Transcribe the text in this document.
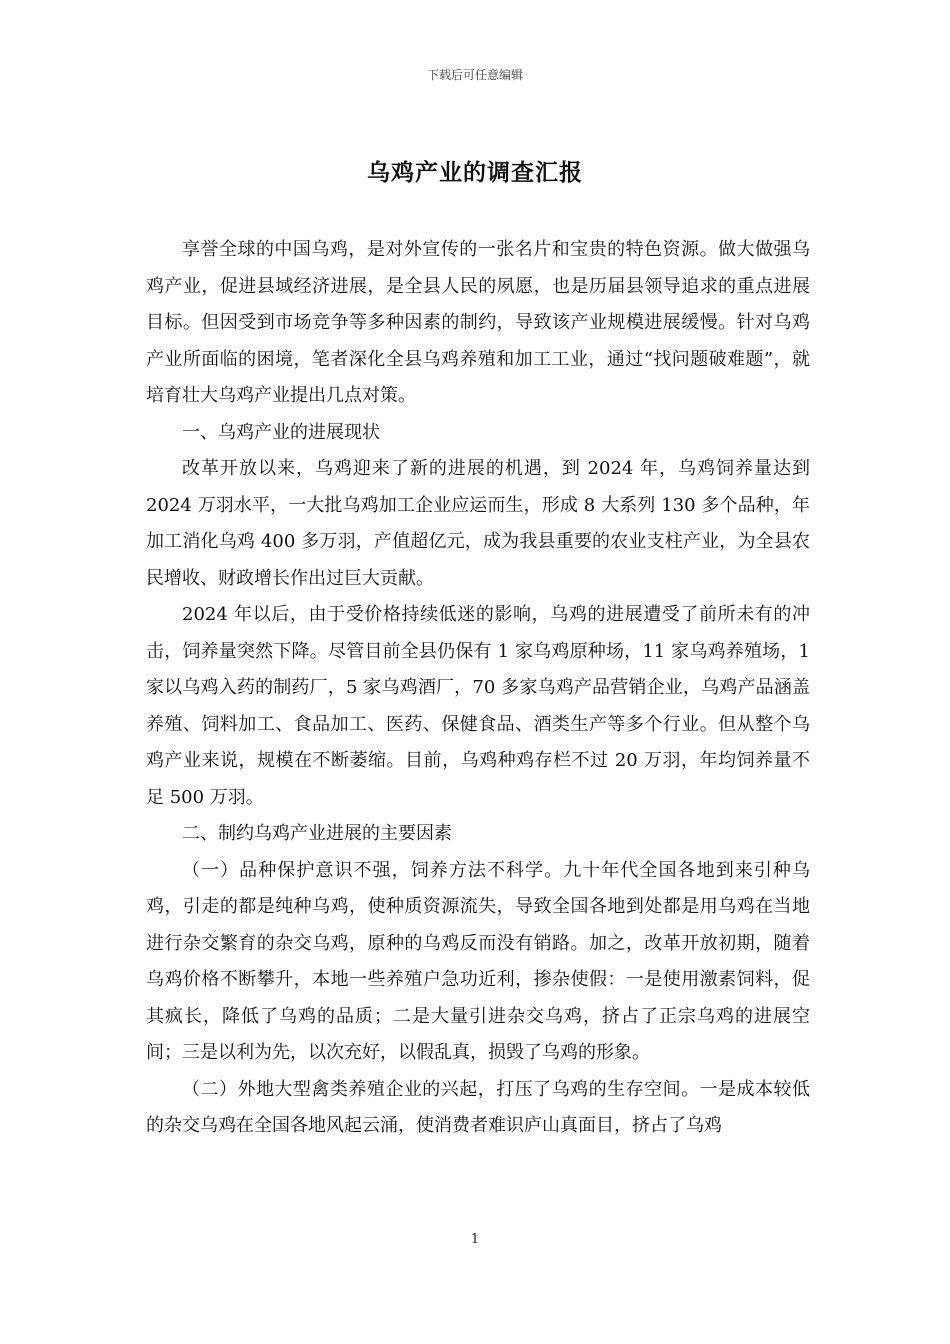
下载后可任意编辑
乌鸡产业的调查汇报

享誉全球的中国乌鸡，是对外宣传的一张名片和宝贵的特色资源。做大做强乌鸡产业，促进县域经济进展，是全县人民的夙愿，也是历届县领导追求的重点进展目标。但因受到市场竞争等多种因素的制约，导致该产业规模进展缓慢。针对乌鸡产业所面临的困境，笔者深化全县乌鸡养殖和加工工业，通过“找问题破难题”，就培育壮大乌鸡产业提出几点对策。

一、乌鸡产业的进展现状

改革开放以来，乌鸡迎来了新的进展的机遇，到 2024 年，乌鸡饲养量达到 2024 万羽水平，一大批乌鸡加工企业应运而生，形成 8 大系列 130 多个品种，年加工消化乌鸡 400 多万羽，产值超亿元，成为我县重要的农业支柱产业，为全县农民增收、财政增长作出过巨大贡献。

2024 年以后，由于受价格持续低迷的影响，乌鸡的进展遭受了前所未有的冲击，饲养量突然下降。尽管目前全县仍保有 1 家乌鸡原种场，11 家乌鸡养殖场，1 家以乌鸡入药的制药厂，5 家乌鸡酒厂，70 多家乌鸡产品营销企业，乌鸡产品涵盖养殖、饲料加工、食品加工、医药、保健食品、酒类生产等多个行业。但从整个乌鸡产业来说，规模在不断萎缩。目前，乌鸡种鸡存栏不过 20 万羽，年均饲养量不足 500 万羽。

二、制约乌鸡产业进展的主要因素

（一）品种保护意识不强，饲养方法不科学。九十年代全国各地到来引种乌鸡，引走的都是纯种乌鸡，使种质资源流失，导致全国各地到处都是用乌鸡在当地进行杂交繁育的杂交乌鸡，原种的乌鸡反而没有销路。加之，改革开放初期，随着乌鸡价格不断攀升，本地一些养殖户急功近利，掺杂使假：一是使用激素饲料，促其疯长，降低了乌鸡的品质；二是大量引进杂交乌鸡，挤占了正宗乌鸡的进展空间；三是以利为先，以次充好，以假乱真，损毁了乌鸡的形象。

（二）外地大型禽类养殖企业的兴起，打压了乌鸡的生存空间。一是成本较低的杂交乌鸡在全国各地风起云涌，使消费者难识庐山真面目，挤占了乌鸡

1
